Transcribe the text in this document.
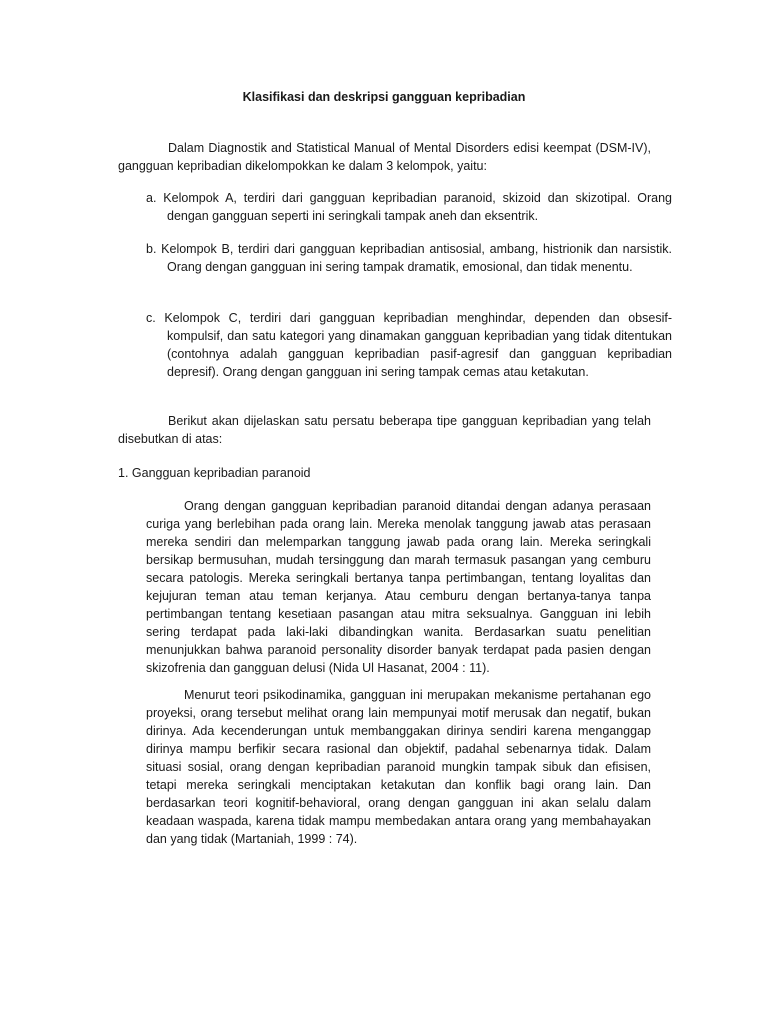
Klasifikasi dan deskripsi gangguan kepribadian
Dalam Diagnostik and Statistical Manual of Mental Disorders edisi keempat (DSM-IV), gangguan kepribadian dikelompokkan ke dalam 3 kelompok, yaitu:
a. Kelompok A, terdiri dari gangguan kepribadian paranoid, skizoid dan skizotipal. Orang dengan gangguan seperti ini seringkali tampak aneh dan eksentrik.
b. Kelompok B, terdiri dari gangguan kepribadian antisosial, ambang, histrionik dan narsistik. Orang dengan gangguan ini sering tampak dramatik, emosional, dan tidak menentu.
c. Kelompok C, terdiri dari gangguan kepribadian menghindar, dependen dan obsesif-kompulsif, dan satu kategori yang dinamakan gangguan kepribadian yang tidak ditentukan (contohnya adalah gangguan kepribadian pasif-agresif dan gangguan kepribadian depresif). Orang dengan gangguan ini sering tampak cemas atau ketakutan.
Berikut akan dijelaskan satu persatu beberapa tipe gangguan kepribadian yang telah disebutkan di atas:
1. Gangguan kepribadian paranoid
Orang dengan gangguan kepribadian paranoid ditandai dengan adanya perasaan curiga yang berlebihan pada orang lain. Mereka menolak tanggung jawab atas perasaan mereka sendiri dan melemparkan tanggung jawab pada orang lain. Mereka seringkali bersikap bermusuhan, mudah tersinggung dan marah termasuk pasangan yang cemburu secara patologis. Mereka seringkali bertanya tanpa pertimbangan, tentang loyalitas dan kejujuran teman atau teman kerjanya. Atau cemburu dengan bertanya-tanya tanpa pertimbangan tentang kesetiaan pasangan atau mitra seksualnya. Gangguan ini lebih sering terdapat pada laki-laki dibandingkan wanita. Berdasarkan suatu penelitian menunjukkan bahwa paranoid personality disorder banyak terdapat pada pasien dengan skizofrenia dan gangguan delusi (Nida Ul Hasanat, 2004 : 11).
Menurut teori psikodinamika, gangguan ini merupakan mekanisme pertahanan ego proyeksi, orang tersebut melihat orang lain mempunyai motif merusak dan negatif, bukan dirinya. Ada kecenderungan untuk membanggakan dirinya sendiri karena menganggap dirinya mampu berfikir secara rasional dan objektif, padahal sebenarnya tidak. Dalam situasi sosial, orang dengan kepribadian paranoid mungkin tampak sibuk dan efisisen, tetapi mereka seringkali menciptakan ketakutan dan konflik bagi orang lain. Dan berdasarkan teori kognitif-behavioral, orang dengan gangguan ini akan selalu dalam keadaan waspada, karena tidak mampu membedakan antara orang yang membahayakan dan yang tidak (Martaniah, 1999 : 74).
